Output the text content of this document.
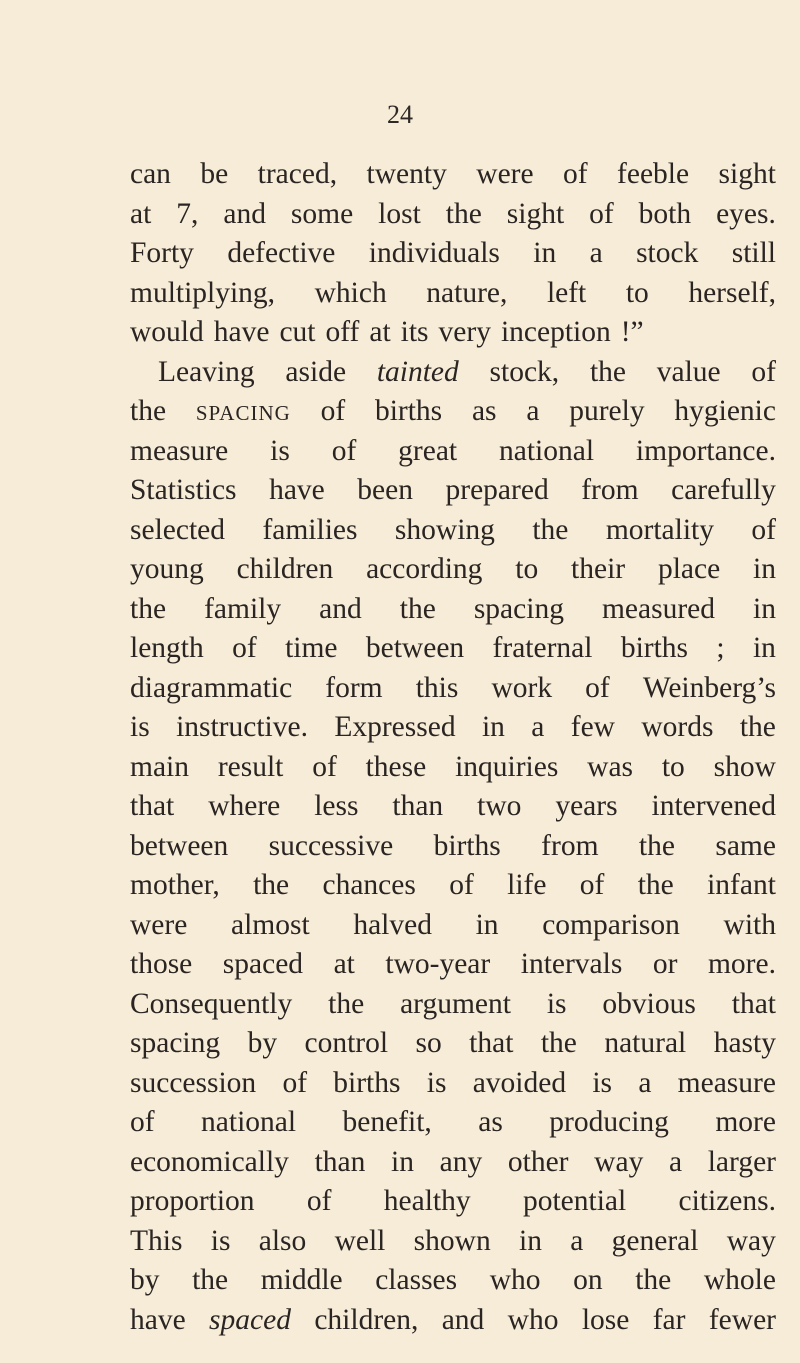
24
can be traced, twenty were of feeble sight
at 7, and some lost the sight of both eyes.
Forty defective individuals in a stock still
multiplying, which nature, left to herself,
would have cut off at its very inception !”
Leaving aside tainted stock, the value of
the spacing of births as a purely hygienic
measure is of great national importance.
Statistics have been prepared from carefully
selected families showing the mortality of
young children according to their place in
the family and the spacing measured in
length of time between fraternal births ; in
diagrammatic form this work of Weinberg’s
is instructive. Expressed in a few words the
main result of these inquiries was to show
that where less than two years intervened
between successive births from the same
mother, the chances of life of the infant
were almost halved in comparison with
those spaced at two-year intervals or more.
Consequently the argument is obvious that
spacing by control so that the natural hasty
succession of births is avoided is a measure
of national benefit, as producing more
economically than in any other way a larger
proportion of healthy potential citizens.
This is also well shown in a general way
by the middle classes who on the whole
have spaced children, and who lose far fewer
